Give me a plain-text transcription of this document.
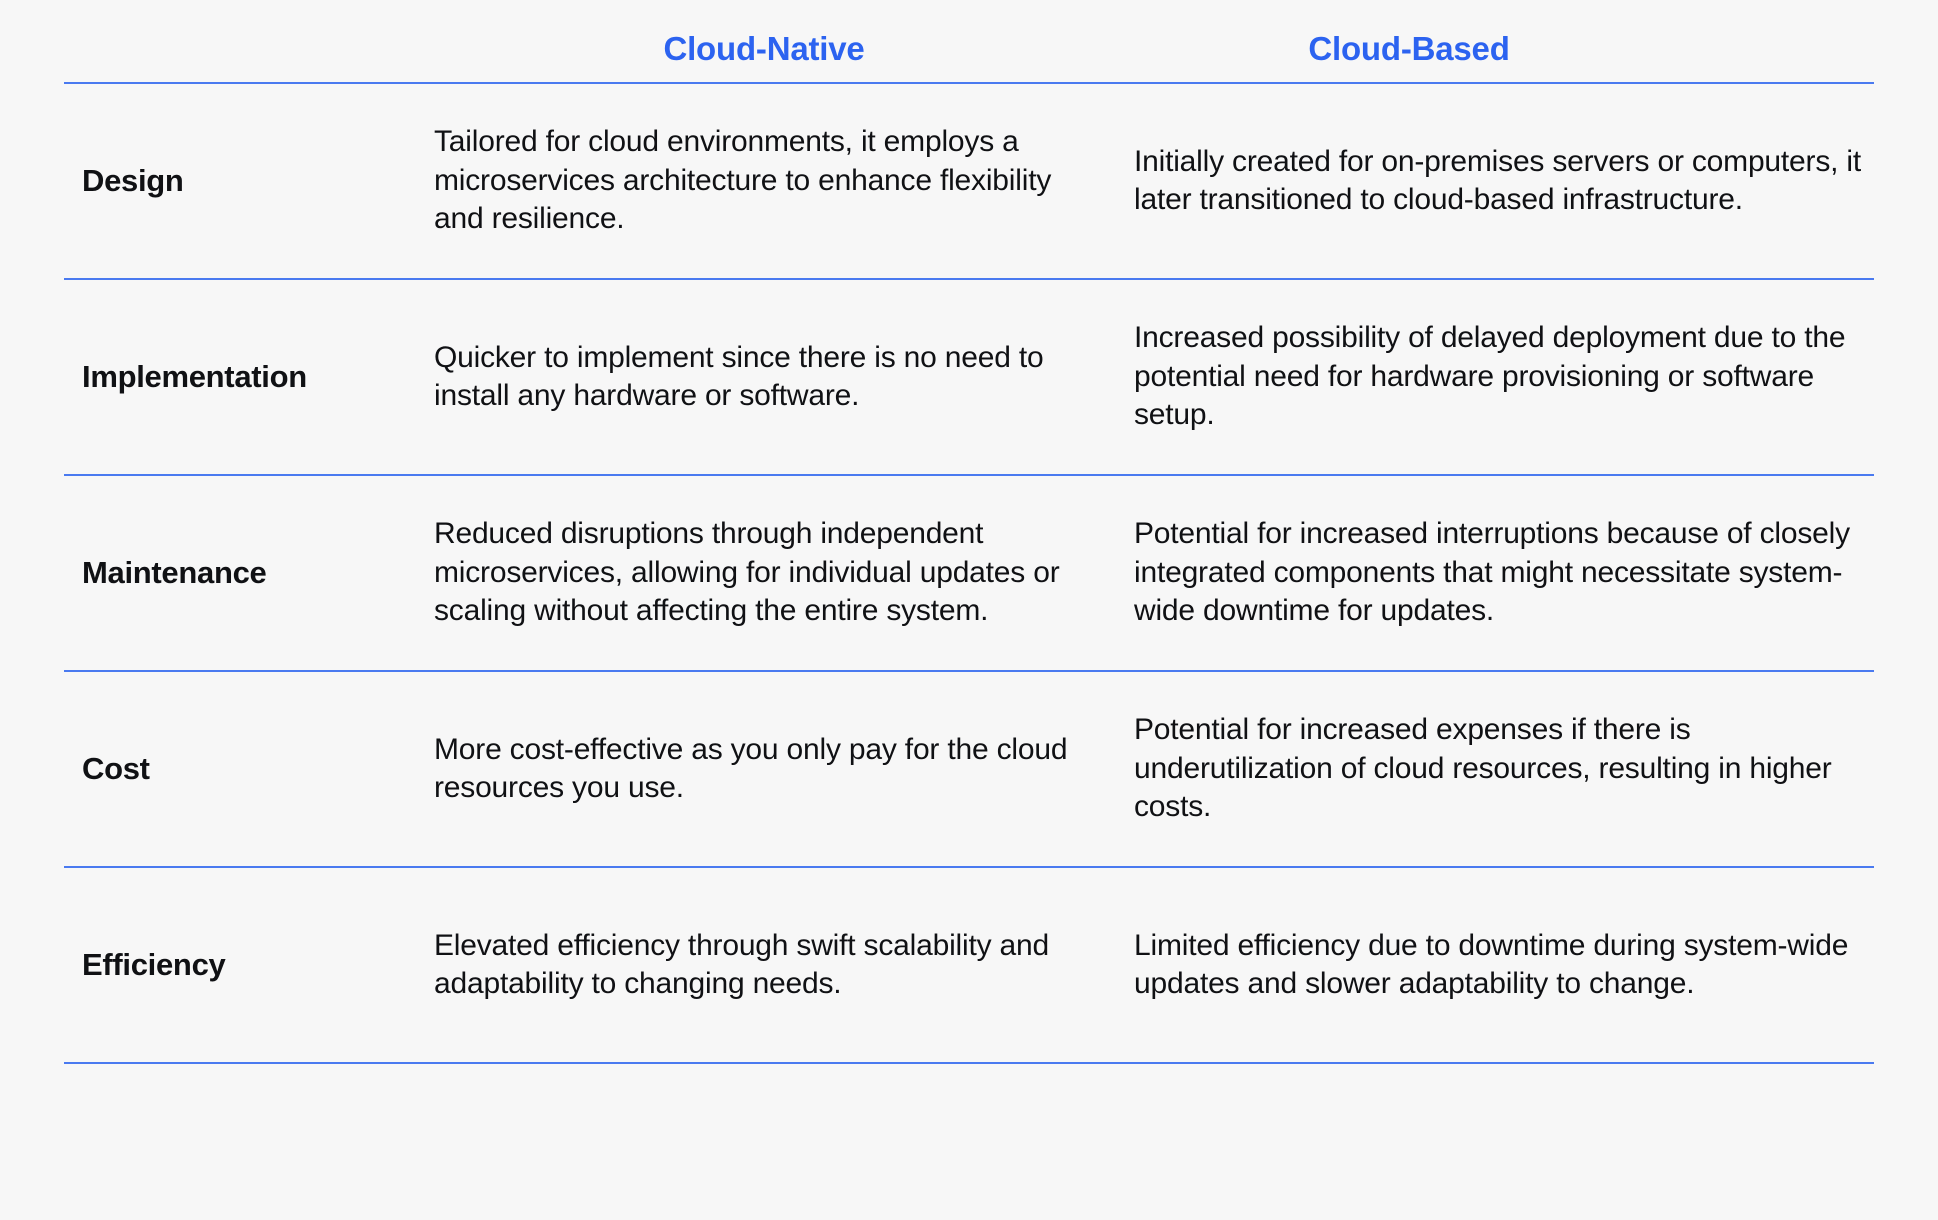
Cloud-Native	Cloud-Based
Design
Tailored for cloud environments, it employs a microservices architecture to enhance flexibility and resilience.
Initially created for on-premises servers or computers, it later transitioned to cloud-based infrastructure.
Implementation
Quicker to implement since there is no need to install any hardware or software.
Increased possibility of delayed deployment due to the potential need for hardware provisioning or software setup.
Maintenance
Reduced disruptions through independent microservices, allowing for individual updates or scaling without affecting the entire system.
Potential for increased interruptions because of closely integrated components that might necessitate system-wide downtime for updates.
Cost
More cost-effective as you only pay for the cloud resources you use.
Potential for increased expenses if there is underutilization of cloud resources, resulting in higher costs.
Efficiency
Elevated efficiency through swift scalability and adaptability to changing needs.
Limited efficiency due to downtime during system-wide updates and slower adaptability to change.
